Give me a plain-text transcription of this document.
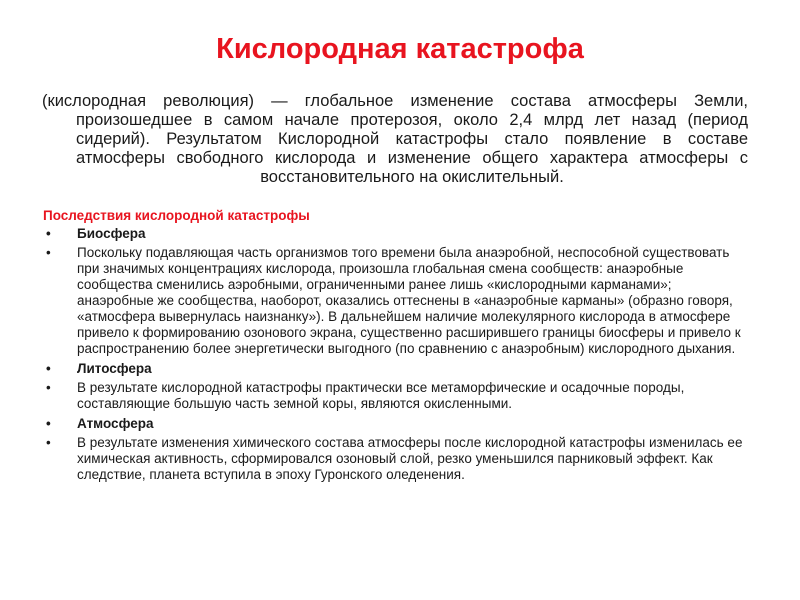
Кислородная катастрофа
(кислородная революция) — глобальное изменение состава атмосферы Земли, произошедшее в самом начале протерозоя, около 2,4 млрд лет назад (период сидерий). Результатом Кислородной катастрофы стало появление в составе атмосферы свободного кислорода и изменение общего характера атмосферы с восстановительного на окислительный.
Последствия кислородной катастрофы
• Биосфера
• Поскольку подавляющая часть организмов того времени была анаэробной, неспособной существовать при значимых концентрациях кислорода, произошла глобальная смена сообществ: анаэробные сообщества сменились аэробными, ограниченными ранее лишь «кислородными карманами»; анаэробные же сообщества, наоборот, оказались оттеснены в «анаэробные карманы» (образно говоря, «атмосфера вывернулась наизнанку»). В дальнейшем наличие молекулярного кислорода в атмосфере привело к формированию озонового экрана, существенно расширившего границы биосферы и привело к распространению более энергетически выгодного (по сравнению с анаэробным) кислородного дыхания.
• Литосфера
• В результате кислородной катастрофы практически все метаморфические и осадочные породы, составляющие большую часть земной коры, являются окисленными.
• Атмосфера
• В результате изменения химического состава атмосферы после кислородной катастрофы изменилась ее химическая активность, сформировался озоновый слой, резко уменьшился парниковый эффект. Как следствие, планета вступила в эпоху Гуронского оледенения.
